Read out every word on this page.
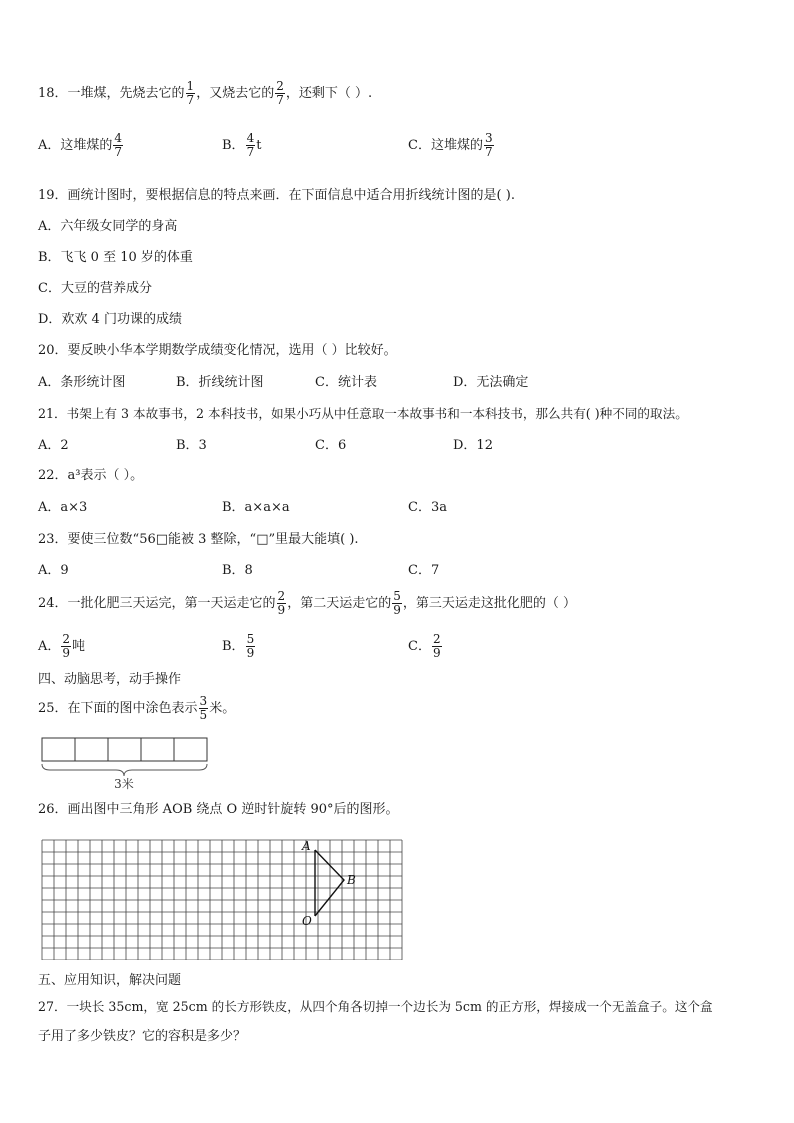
18．一堆煤，先烧去它的 $\frac{1}{7}$ ，又烧去它的 $\frac{2}{7}$ ，还剩下（ ）.
A．这堆煤的 $\frac{4}{7}$	B． $\frac{4}{7}$ t	C．这堆煤的 $\frac{3}{7}$
19．画统计图时，要根据信息的特点来画．在下面信息中适合用折线统计图的是( ).
A．六年级女同学的身高
B．飞飞 0 至 10 岁的体重
C．大豆的营养成分
D．欢欢 4 门功课的成绩
20．要反映小华本学期数学成绩变化情况，选用（ ）比较好。
A．条形统计图	B．折线统计图	C．统计表	D．无法确定
21．书架上有 3 本故事书，2 本科技书，如果小巧从中任意取一本故事书和一本科技书，那么共有( )种不同的取法。
A．2	B．3	C．6	D．12
22．a³表示（ ）。
A．a×3	B．a×a×a	C．3a
23．要使三位数“56□能被 3 整除，“□”里最大能填( ).
A．9	B．8	C．7
24．一批化肥三天运完，第一天运走它的 $\frac{2}{9}$ ，第二天运走它的 $\frac{5}{9}$ ，第三天运走这批化肥的（ ）
A． $\frac{2}{9}$ 吨	B． $\frac{5}{9}$	C． $\frac{2}{9}$
四、动脑思考，动手操作
25．在下面的图中涂色表示 $\frac{3}{5}$ 米。
3米
26．画出图中三角形 AOB 绕点 O 逆时针旋转 90°后的图形。
A
B
O
五、应用知识，解决问题
27．一块长 35cm，宽 25cm 的长方形铁皮，从四个角各切掉一个边长为 5cm 的正方形，焊接成一个无盖盒子。这个盒
子用了多少铁皮？它的容积是多少？
